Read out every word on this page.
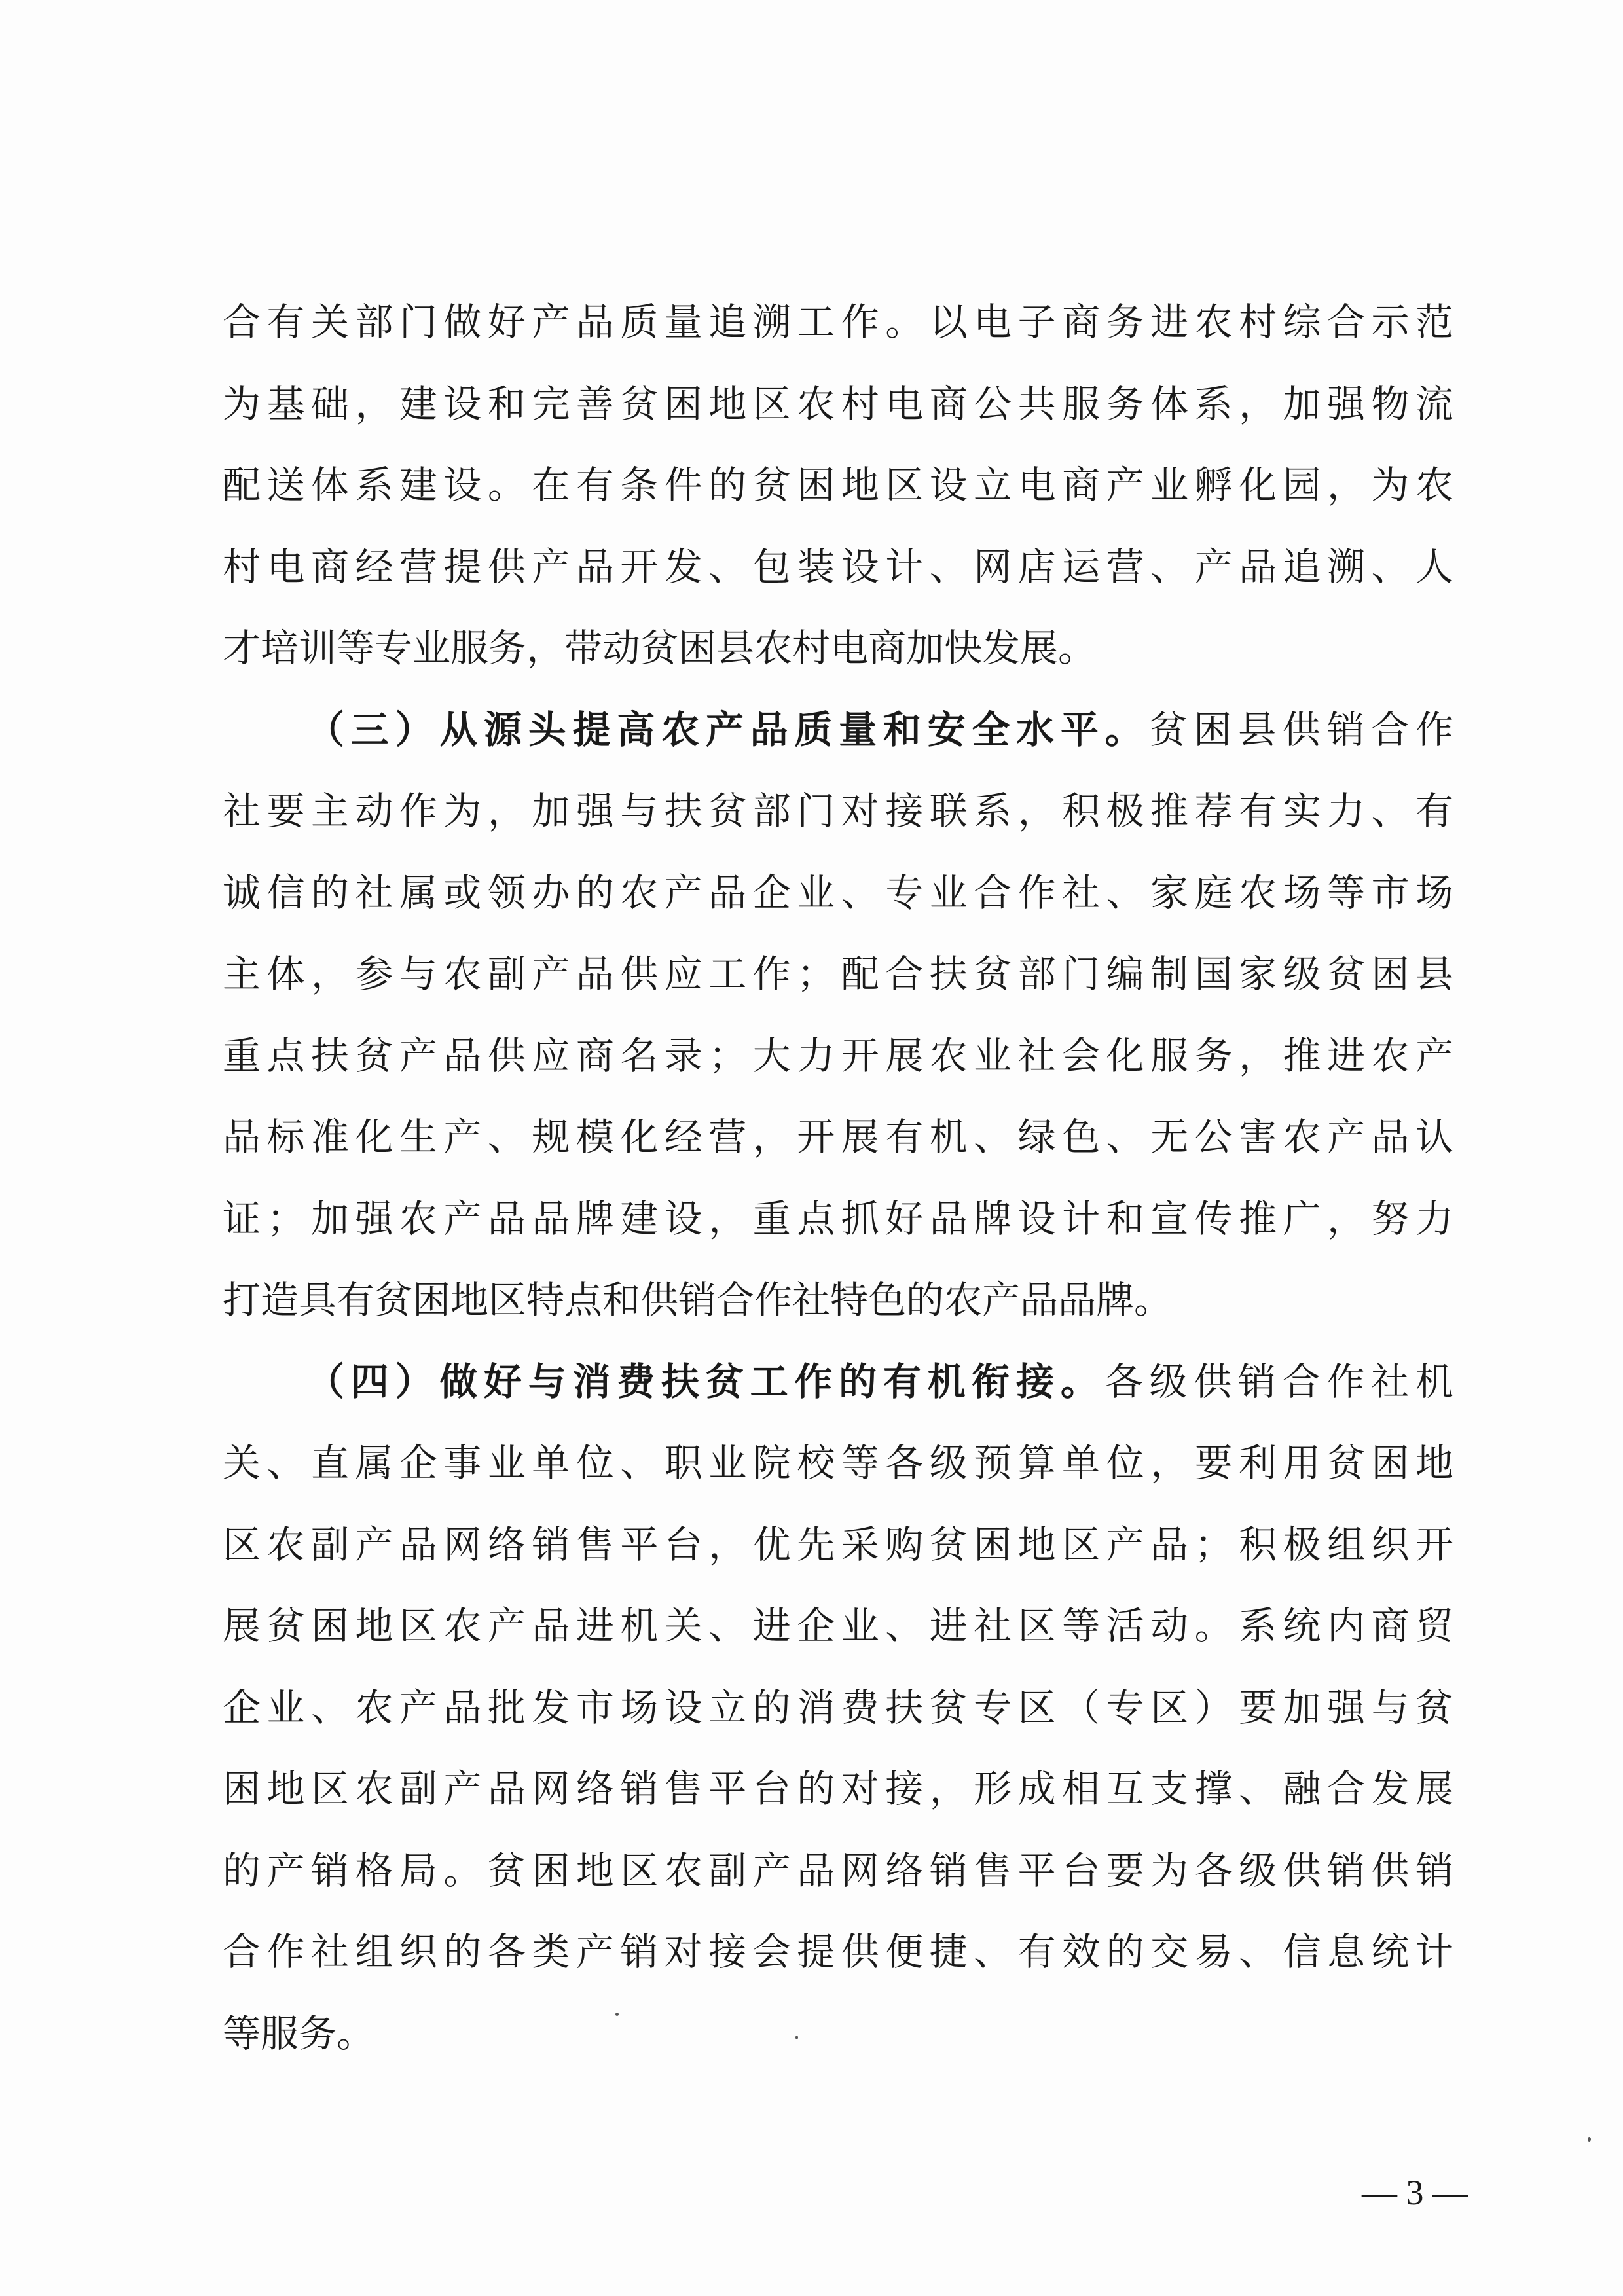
合有关部门做好产品质量追溯工作。以电子商务进农村综合示范
为基础，建设和完善贫困地区农村电商公共服务体系，加强物流
配送体系建设。在有条件的贫困地区设立电商产业孵化园，为农
村电商经营提供产品开发、包装设计、网店运营、产品追溯、人
才培训等专业服务，带动贫困县农村电商加快发展。
（三）从源头提高农产品质量和安全水平。贫困县供销合作
社要主动作为，加强与扶贫部门对接联系，积极推荐有实力、有
诚信的社属或领办的农产品企业、专业合作社、家庭农场等市场
主体，参与农副产品供应工作；配合扶贫部门编制国家级贫困县
重点扶贫产品供应商名录；大力开展农业社会化服务，推进农产
品标准化生产、规模化经营，开展有机、绿色、无公害农产品认
证；加强农产品品牌建设，重点抓好品牌设计和宣传推广，努力
打造具有贫困地区特点和供销合作社特色的农产品品牌。
（四）做好与消费扶贫工作的有机衔接。各级供销合作社机
关、直属企事业单位、职业院校等各级预算单位，要利用贫困地
区农副产品网络销售平台，优先采购贫困地区产品；积极组织开
展贫困地区农产品进机关、进企业、进社区等活动。系统内商贸
企业、农产品批发市场设立的消费扶贫专区（专区）要加强与贫
困地区农副产品网络销售平台的对接，形成相互支撑、融合发展
的产销格局。贫困地区农副产品网络销售平台要为各级供销供销
合作社组织的各类产销对接会提供便捷、有效的交易、信息统计
等服务。
— 3 —
